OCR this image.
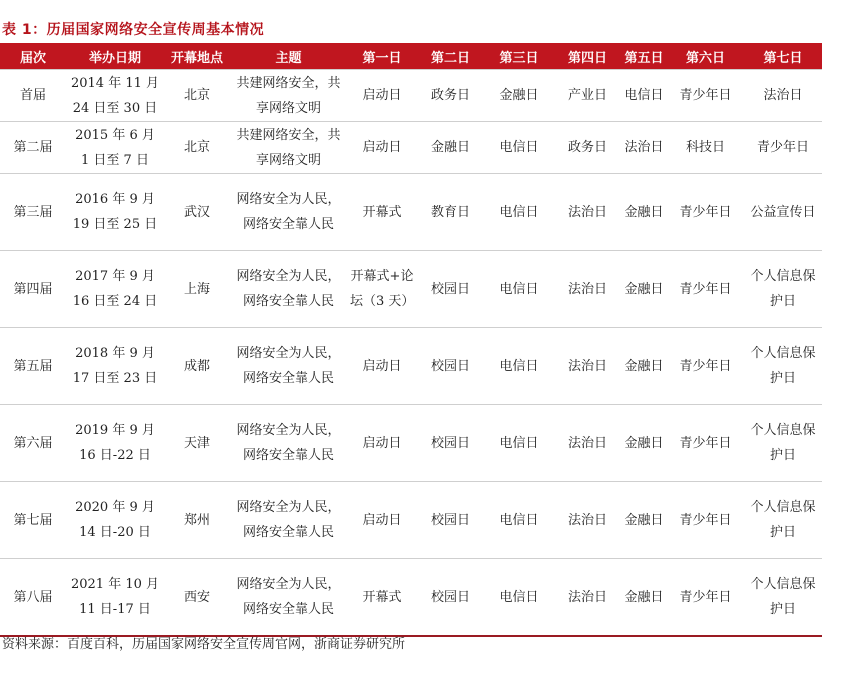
表 1：历届国家网络安全宣传周基本情况
届次	举办日期	开幕地点	主题	第一日	第二日	第三日	第四日	第五日	第六日	第七日
首届	2014 年 11 月 24 日至 30 日	北京	共建网络安全，共享网络文明	启动日	政务日	金融日	产业日	电信日	青少年日	法治日
第二届	2015 年 6 月 1 日至 7 日	北京	共建网络安全，共享网络文明	启动日	金融日	电信日	政务日	法治日	科技日	青少年日
第三届	2016 年 9 月 19 日至 25 日	武汉	网络安全为人民，网络安全靠人民	开幕式	教育日	电信日	法治日	金融日	青少年日	公益宣传日
第四届	2017 年 9 月 16 日至 24 日	上海	网络安全为人民，网络安全靠人民	开幕式+论坛（3 天）	校园日	电信日	法治日	金融日	青少年日	个人信息保护日
第五届	2018 年 9 月 17 日至 23 日	成都	网络安全为人民，网络安全靠人民	启动日	校园日	电信日	法治日	金融日	青少年日	个人信息保护日
第六届	2019 年 9 月 16 日-22 日	天津	网络安全为人民，网络安全靠人民	启动日	校园日	电信日	法治日	金融日	青少年日	个人信息保护日
第七届	2020 年 9 月 14 日-20 日	郑州	网络安全为人民，网络安全靠人民	启动日	校园日	电信日	法治日	金融日	青少年日	个人信息保护日
第八届	2021 年 10 月 11 日-17 日	西安	网络安全为人民，网络安全靠人民	开幕式	校园日	电信日	法治日	金融日	青少年日	个人信息保护日
资料来源：百度百科，历届国家网络安全宣传周官网，浙商证券研究所
